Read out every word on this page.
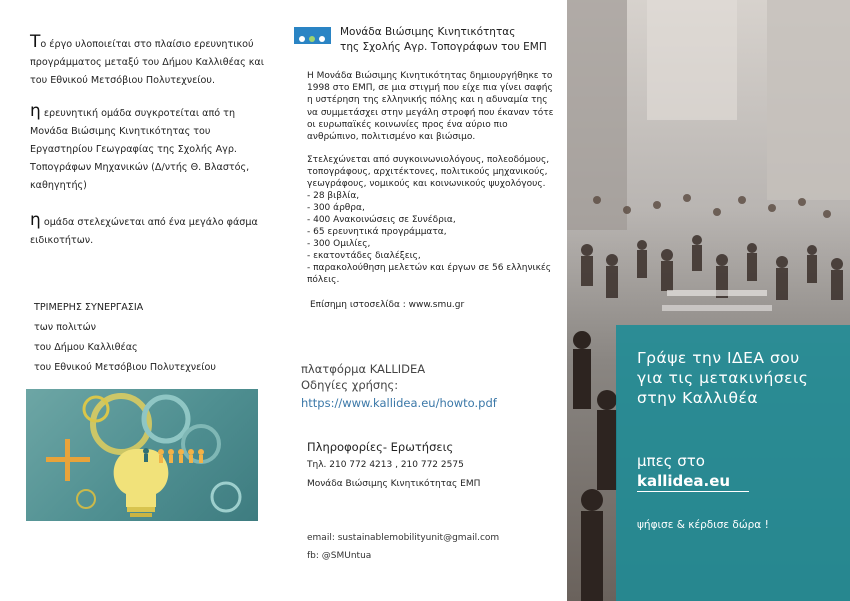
Το έργο υλοποιείται στο πλαίσιο ερευνητικού προγράμματος μεταξύ του Δήμου Καλλιθέας και του Εθνικού Μετσόβιου Πολυτεχνείου.
η ερευνητική ομάδα συγκροτείται από τη Μονάδα Βιώσιμης Κινητικότητας του Εργαστηρίου Γεωγραφίας της Σχολής Αγρ. Τοπογράφων Μηχανικών (Δ/ντής Θ. Βλαστός, καθηγητής)
η ομάδα στελεχώνεται από ένα μεγάλο φάσμα ειδικοτήτων.
ΤΡΙΜΕΡΗΣ ΣΥΝΕΡΓΑΣΙΑ
των πολιτών
του Δήμου Καλλιθέας
του Εθνικού Μετσόβιου Πολυτεχνείου
Μονάδα Βιώσιμης Κινητικότητας
της Σχολής Αγρ. Τοπογράφων του ΕΜΠ
Η Μονάδα Βιώσιμης Κινητικότητας δημιουργήθηκε το 1998 στο ΕΜΠ, σε μια στιγμή που είχε πια γίνει σαφής η υστέρηση της ελληνικής πόλης και η αδυναμία της να συμμετάσχει στην μεγάλη στροφή που έκαναν τότε οι ευρωπαϊκές κοινωνίες προς ένα αύριο πιο ανθρώπινο, πολιτισμένο και βιώσιμο.
Στελεχώνεται από συγκοινωνιολόγους, πολεοδόμους, τοπογράφους, αρχιτέκτονες, πολιτικούς μηχανικούς, γεωγράφους, νομικούς και κοινωνικούς ψυχολόγους.
- 28 βιβλία,
- 300 άρθρα,
- 400 Ανακοινώσεις σε Συνέδρια,
- 65 ερευνητικά προγράμματα,
- 300 Ομιλίες,
- εκατοντάδες διαλέξεις,
- παρακολούθηση μελετών και έργων σε 56 ελληνικές πόλεις.
Επίσημη ιστοσελίδα : www.smu.gr
πλατφόρμα KALLIDEA
Οδηγίες χρήσης:
https://www.kallidea.eu/howto.pdf
Πληροφορίες- Ερωτήσεις
Τηλ. 210 772 4213 , 210 772 2575
Μονάδα Βιώσιμης Κινητικότητας ΕΜΠ
email: sustainablemobilityunit@gmail.com
fb: @SMUntua
Γράψε την ΙΔΕΑ σου
για τις μετακινήσεις
στην Καλλιθέα
μπες στο
kallidea.eu
ψήφισε & κέρδισε δώρα !
